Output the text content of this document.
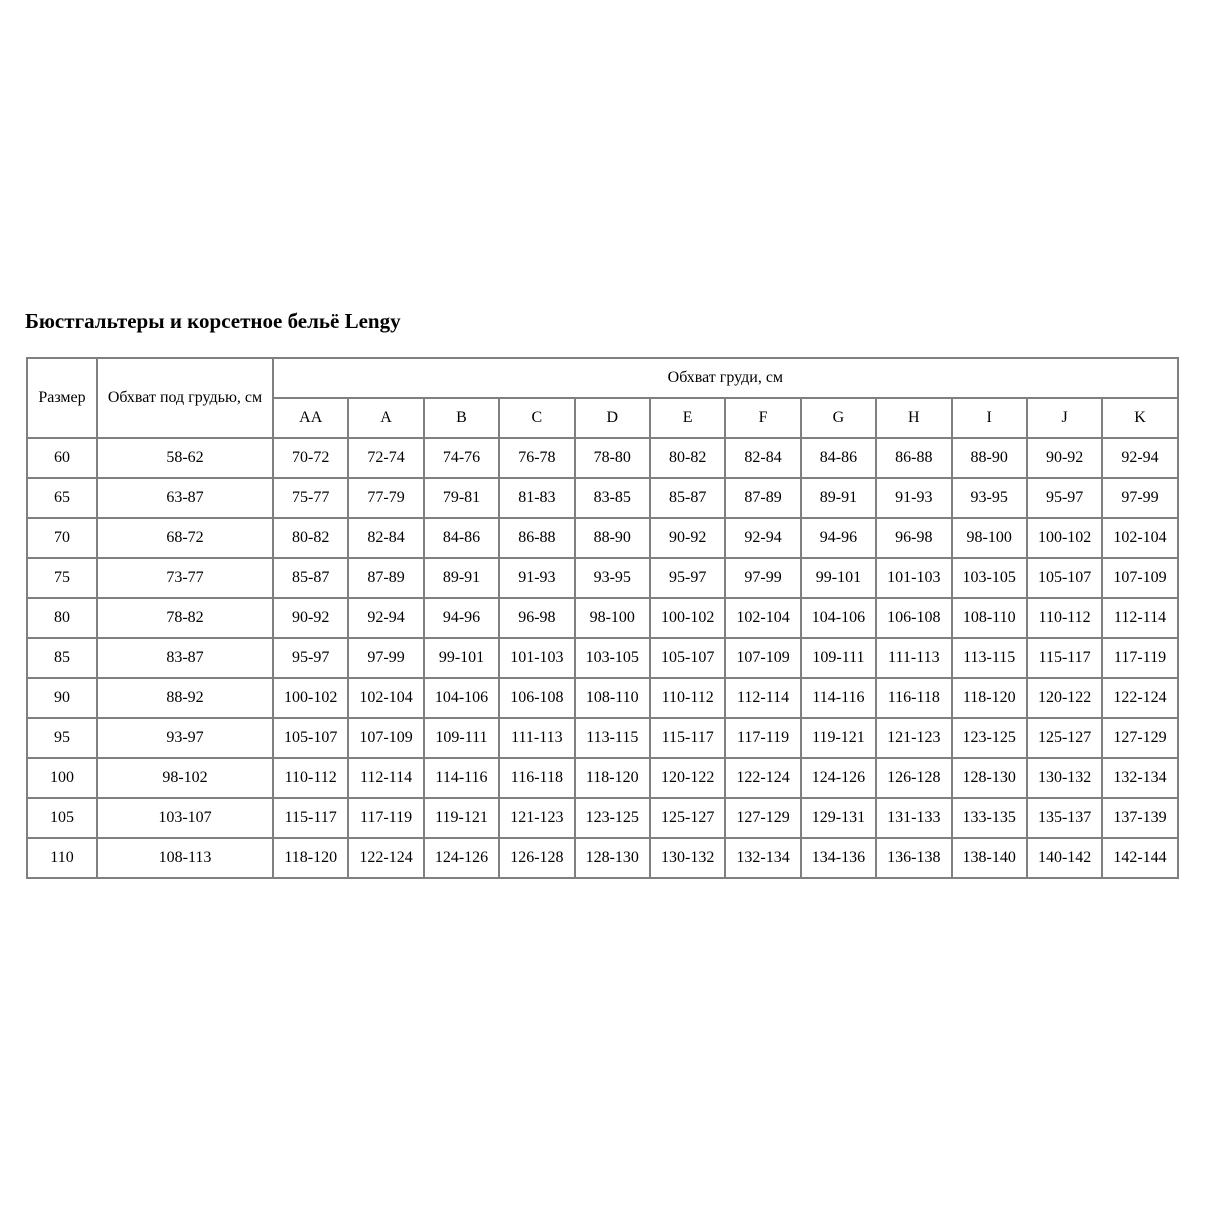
Бюстгальтеры и корсетное бельё Lengy
Размер	Обхват под грудью, см	Обхват груди, см											
		AA	A	B	C	D	E	F	G	H	I	J	K
60	58-62	70-72	72-74	74-76	76-78	78-80	80-82	82-84	84-86	86-88	88-90	90-92	92-94
65	63-87	75-77	77-79	79-81	81-83	83-85	85-87	87-89	89-91	91-93	93-95	95-97	97-99
70	68-72	80-82	82-84	84-86	86-88	88-90	90-92	92-94	94-96	96-98	98-100	100-102	102-104
75	73-77	85-87	87-89	89-91	91-93	93-95	95-97	97-99	99-101	101-103	103-105	105-107	107-109
80	78-82	90-92	92-94	94-96	96-98	98-100	100-102	102-104	104-106	106-108	108-110	110-112	112-114
85	83-87	95-97	97-99	99-101	101-103	103-105	105-107	107-109	109-111	111-113	113-115	115-117	117-119
90	88-92	100-102	102-104	104-106	106-108	108-110	110-112	112-114	114-116	116-118	118-120	120-122	122-124
95	93-97	105-107	107-109	109-111	111-113	113-115	115-117	117-119	119-121	121-123	123-125	125-127	127-129
100	98-102	110-112	112-114	114-116	116-118	118-120	120-122	122-124	124-126	126-128	128-130	130-132	132-134
105	103-107	115-117	117-119	119-121	121-123	123-125	125-127	127-129	129-131	131-133	133-135	135-137	137-139
110	108-113	118-120	122-124	124-126	126-128	128-130	130-132	132-134	134-136	136-138	138-140	140-142	142-144
